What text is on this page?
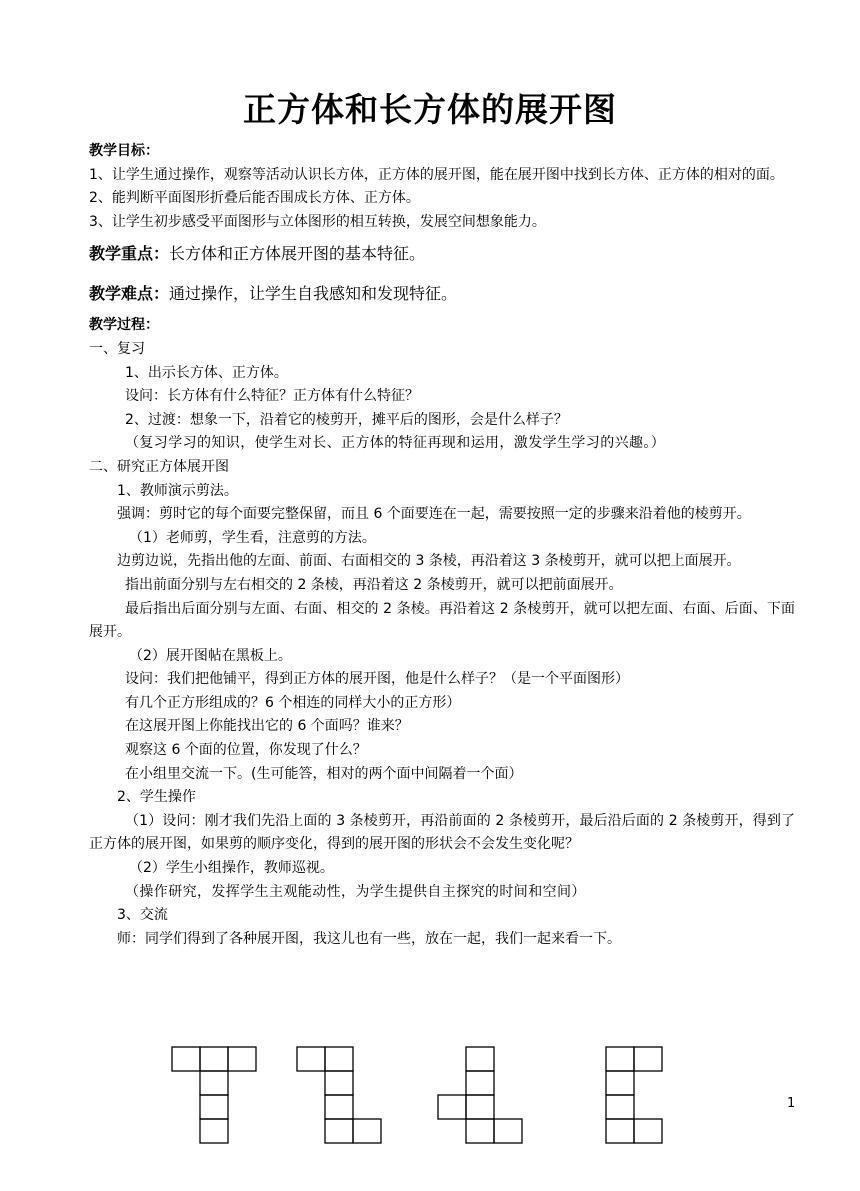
正方体和长方体的展开图

教学目标：

1、让学生通过操作，观察等活动认识长方体，正方体的展开图，能在展开图中找到长方体、正方体的相对的面。

2、能判断平面图形折叠后能否围成长方体、正方体。

3、让学生初步感受平面图形与立体图形的相互转换，发展空间想象能力。

教学重点：长方体和正方体展开图的基本特征。

教学难点：通过操作，让学生自我感知和发现特征。

教学过程：

一、复习

1、出示长方体、正方体。

设问：长方体有什么特征？正方体有什么特征？

2、过渡：想象一下，沿着它的棱剪开，摊平后的图形，会是什么样子？

（复习学习的知识，使学生对长、正方体的特征再现和运用，激发学生学习的兴趣。）

二、研究正方体展开图

1、教师演示剪法。

强调：剪时它的每个面要完整保留，而且 6 个面要连在一起，需要按照一定的步骤来沿着他的棱剪开。

（1）老师剪，学生看，注意剪的方法。

边剪边说，先指出他的左面、前面、右面相交的 3 条棱，再沿着这 3 条棱剪开，就可以把上面展开。

指出前面分别与左右相交的 2 条棱，再沿着这 2 条棱剪开，就可以把前面展开。

最后指出后面分别与左面、右面、相交的 2 条棱。再沿着这 2 条棱剪开，就可以把左面、右面、后面、下面展开。

（2）展开图帖在黑板上。

设问：我们把他铺平，得到正方体的展开图，他是什么样子？（是一个平面图形）

有几个正方形组成的？6 个相连的同样大小的正方形）

在这展开图上你能找出它的 6 个面吗？谁来？

观察这 6 个面的位置，你发现了什么？

在小组里交流一下。(生可能答，相对的两个面中间隔着一个面）

2、学生操作

（1）设问：刚才我们先沿上面的 3 条棱剪开，再沿前面的 2 条棱剪开，最后沿后面的 2 条棱剪开，得到了正方体的展开图，如果剪的顺序变化，得到的展开图的形状会不会发生变化呢？

（2）学生小组操作，教师巡视。

（操作研究，发挥学生主观能动性，为学生提供自主探究的时间和空间）

3、交流

师：同学们得到了各种展开图，我这儿也有一些，放在一起，我们一起来看一下。

1
